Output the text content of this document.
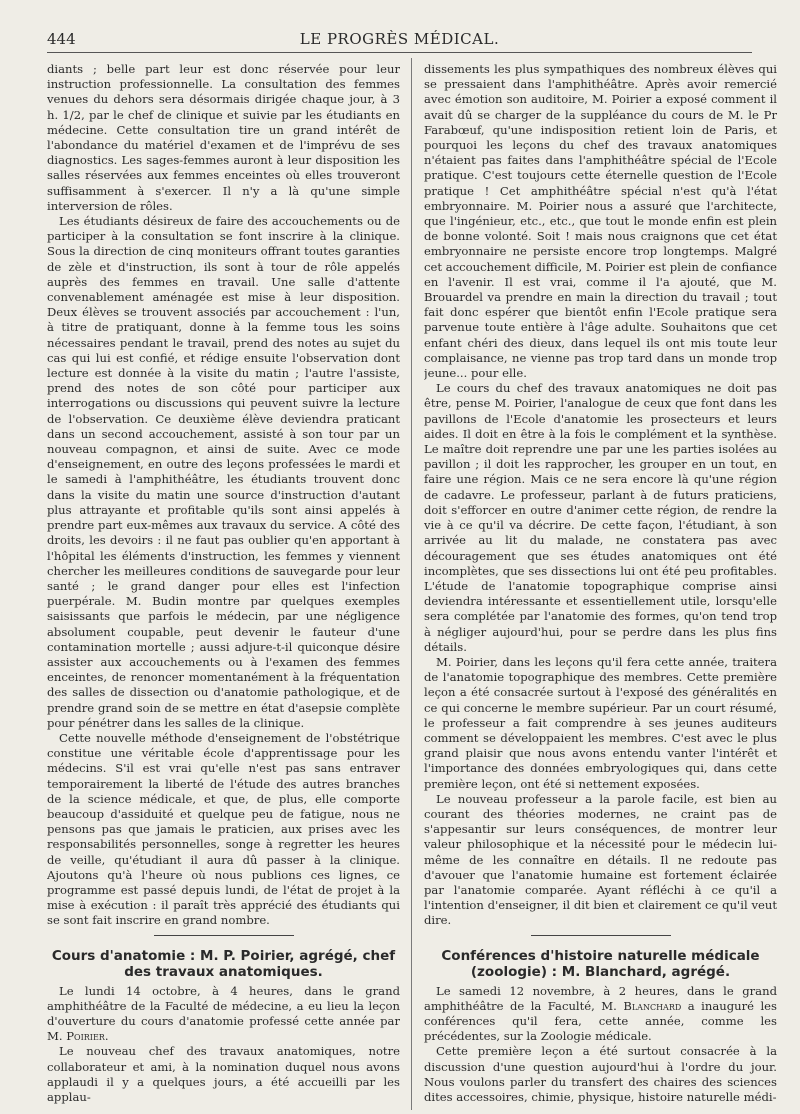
444	LE PROGRÈS MÉDICAL.

diants ; belle part leur est donc réservée pour leur instruction professionnelle. La consultation des femmes venues du dehors sera désormais dirigée chaque jour, à 3 h. 1/2, par le chef de clinique et suivie par les étudiants en médecine. Cette consultation tire un grand intérêt de l'abondance du matériel d'examen et de l'imprévu de ses diagnostics. Les sages-femmes auront à leur disposition les salles réservées aux femmes enceintes où elles trouveront suffisamment à s'exercer. Il n'y a là qu'une simple interversion de rôles.

Les étudiants désireux de faire des accouchements ou de participer à la consultation se font inscrire à la clinique. Sous la direction de cinq moniteurs offrant toutes garanties de zèle et d'instruction, ils sont à tour de rôle appelés auprès des femmes en travail. Une salle d'attente convenablement aménagée est mise à leur disposition. Deux élèves se trouvent associés par accouchement : l'un, à titre de pratiquant, donne à la femme tous les soins nécessaires pendant le travail, prend des notes au sujet du cas qui lui est confié, et rédige ensuite l'observation dont lecture est donnée à la visite du matin ; l'autre l'assiste, prend des notes de son côté pour participer aux interrogations ou discussions qui peuvent suivre la lecture de l'observation. Ce deuxième élève deviendra praticant dans un second accouchement, assisté à son tour par un nouveau compagnon, et ainsi de suite. Avec ce mode d'enseignement, en outre des leçons professées le mardi et le samedi à l'amphithéâtre, les étudiants trouvent donc dans la visite du matin une source d'instruction d'autant plus attrayante et profitable qu'ils sont ainsi appelés à prendre part eux-mêmes aux travaux du service. A côté des droits, les devoirs : il ne faut pas oublier qu'en apportant à l'hôpital les éléments d'instruction, les femmes y viennent chercher les meilleures conditions de sauvegarde pour leur santé ; le grand danger pour elles est l'infection puerpérale. M. Budin montre par quelques exemples saisissants que parfois le médecin, par une négligence absolument coupable, peut devenir le fauteur d'une contamination mortelle ; aussi adjure-t-il quiconque désire assister aux accouchements ou à l'examen des femmes enceintes, de renoncer momentanément à la fréquentation des salles de dissection ou d'anatomie pathologique, et de prendre grand soin de se mettre en état d'asepsie complète pour pénétrer dans les salles de la clinique.

Cette nouvelle méthode d'enseignement de l'obstétrique constitue une véritable école d'apprentissage pour les médecins. S'il est vrai qu'elle n'est pas sans entraver temporairement la liberté de l'étude des autres branches de la science médicale, et que, de plus, elle comporte beaucoup d'assiduité et quelque peu de fatigue, nous ne pensons pas que jamais le praticien, aux prises avec les responsabilités personnelles, songe à regretter les heures de veille, qu'étudiant il aura dû passer à la clinique. Ajoutons qu'à l'heure où nous publions ces lignes, ce programme est passé depuis lundi, de l'état de projet à la mise à exécution : il paraît très apprécié des étudiants qui se sont fait inscrire en grand nombre.

Cours d'anatomie : M. P. Poirier, agrégé, chef des travaux anatomiques.

Le lundi 14 octobre, à 4 heures, dans le grand amphithéâtre de la Faculté de médecine, a eu lieu la leçon d'ouverture du cours d'anatomie professé cette année par M. Poirier.

Le nouveau chef des travaux anatomiques, notre collaborateur et ami, à la nomination duquel nous avons applaudi il y a quelques jours, a été accueilli par les applau-

dissements les plus sympathiques des nombreux élèves qui se pressaient dans l'amphithéâtre. Après avoir remercié avec émotion son auditoire, M. Poirier a exposé comment il avait dû se charger de la suppléance du cours de M. le Pr Farabœuf, qu'une indisposition retient loin de Paris, et pourquoi les leçons du chef des travaux anatomiques n'étaient pas faites dans l'amphithéâtre spécial de l'Ecole pratique. C'est toujours cette éternelle question de l'Ecole pratique ! Cet amphithéâtre spécial n'est qu'à l'état embryonnaire. M. Poirier nous a assuré que l'architecte, que l'ingénieur, etc., etc., que tout le monde enfin est plein de bonne volonté. Soit ! mais nous craignons que cet état embryonnaire ne persiste encore trop longtemps. Malgré cet accouchement difficile, M. Poirier est plein de confiance en l'avenir. Il est vrai, comme il l'a ajouté, que M. Brouardel va prendre en main la direction du travail ; tout fait donc espérer que bientôt enfin l'Ecole pratique sera parvenue toute entière à l'âge adulte. Souhaitons que cet enfant chéri des dieux, dans lequel ils ont mis toute leur complaisance, ne vienne pas trop tard dans un monde trop jeune... pour elle.

Le cours du chef des travaux anatomiques ne doit pas être, pense M. Poirier, l'analogue de ceux que font dans les pavillons de l'Ecole d'anatomie les prosecteurs et leurs aides. Il doit en être à la fois le complément et la synthèse. Le maître doit reprendre une par une les parties isolées au pavillon ; il doit les rapprocher, les grouper en un tout, en faire une région. Mais ce ne sera encore là qu'une région de cadavre. Le professeur, parlant à de futurs praticiens, doit s'efforcer en outre d'animer cette région, de rendre la vie à ce qu'il va décrire. De cette façon, l'étudiant, à son arrivée au lit du malade, ne constatera pas avec découragement que ses études anatomiques ont été incomplètes, que ses dissections lui ont été peu profitables. L'étude de l'anatomie topographique comprise ainsi deviendra intéressante et essentiellement utile, lorsqu'elle sera complétée par l'anatomie des formes, qu'on tend trop à négliger aujourd'hui, pour se perdre dans les plus fins détails.

M. Poirier, dans les leçons qu'il fera cette année, traitera de l'anatomie topographique des membres. Cette première leçon a été consacrée surtout à l'exposé des généralités en ce qui concerne le membre supérieur. Par un court résumé, le professeur a fait comprendre à ses jeunes auditeurs comment se développaient les membres. C'est avec le plus grand plaisir que nous avons entendu vanter l'intérêt et l'importance des données embryologiques qui, dans cette première leçon, ont été si nettement exposées.

Le nouveau professeur a la parole facile, est bien au courant des théories modernes, ne craint pas de s'appesantir sur leurs conséquences, de montrer leur valeur philosophique et la nécessité pour le médecin lui-même de les connaître en détails. Il ne redoute pas d'avouer que l'anatomie humaine est fortement éclairée par l'anatomie comparée. Ayant réfléchi à ce qu'il a l'intention d'enseigner, il dit bien et clairement ce qu'il veut dire.

Conférences d'histoire naturelle médicale (zoologie) : M. Blanchard, agrégé.

Le samedi 12 novembre, à 2 heures, dans le grand amphithéâtre de la Faculté, M. Blanchard a inauguré les conférences qu'il fera, cette année, comme les précédentes, sur la Zoologie médicale.

Cette première leçon a été surtout consacrée à la discussion d'une question aujourd'hui à l'ordre du jour. Nous voulons parler du transfert des chaires des sciences dites accessoires, chimie, physique, histoire naturelle médi-
